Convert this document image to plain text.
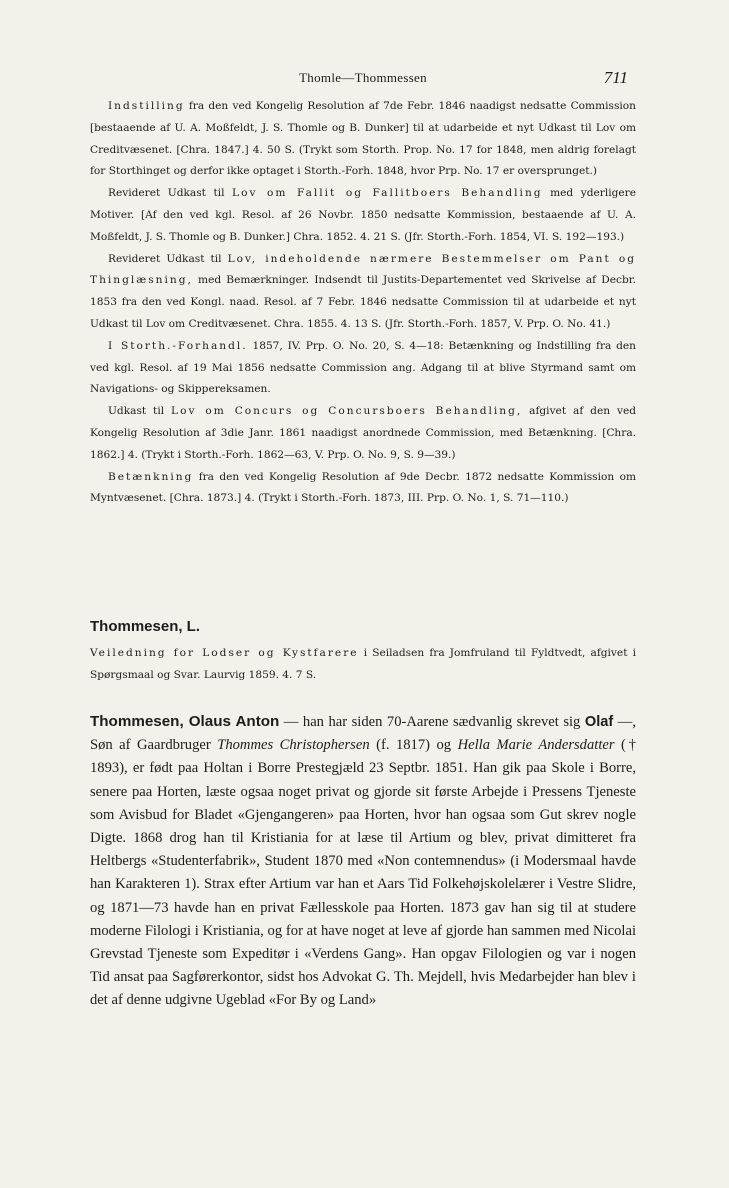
Thomle—Thommessen	711

Indstilling fra den ved Kongelig Resolution af 7de Febr. 1846 naadigst nedsatte Commission [bestaaende af U. A. Moßfeldt, J. S. Thomle og B. Dunker] til at udarbeide et nyt Udkast til Lov om Creditvæsenet. [Chra. 1847.] 4. 50 S. (Trykt som Storth. Prop. No. 17 for 1848, men aldrig forelagt for Storthinget og derfor ikke optaget i Storth.-Forh. 1848, hvor Prp. No. 17 er oversprunget.)

Revideret Udkast til Lov om Fallit og Fallitboers Behandling med yderligere Motiver. [Af den ved kgl. Resol. af 26 Novbr. 1850 nedsatte Kommission, bestaaende af U. A. Moßfeldt, J. S. Thomle og B. Dunker.] Chra. 1852. 4. 21 S. (Jfr. Storth.-Forh. 1854, VI. S. 192—193.)

Revideret Udkast til Lov, indeholdende nærmere Bestemmelser om Pant og Thinglæsning, med Bemærkninger. Indsendt til Justits-Departementet ved Skrivelse af Decbr. 1853 fra den ved Kongl. naad. Resol. af 7 Febr. 1846 nedsatte Commission til at udarbeide et nyt Udkast til Lov om Creditvæsenet. Chra. 1855. 4. 13 S. (Jfr. Storth.-Forh. 1857, V. Prp. O. No. 41.)

I Storth.-Forhandl. 1857, IV. Prp. O. No. 20, S. 4—18: Betænkning og Indstilling fra den ved kgl. Resol. af 19 Mai 1856 nedsatte Commission ang. Adgang til at blive Styrmand samt om Navigations- og Skippereksamen.

Udkast til Lov om Concurs og Concursboers Behandling, afgivet af den ved Kongelig Resolution af 3die Janr. 1861 naadigst anordnede Commission, med Betænkning. [Chra. 1862.] 4. (Trykt i Storth.-Forh. 1862—63, V. Prp. O. No. 9, S. 9—39.)

Betænkning fra den ved Kongelig Resolution af 9de Decbr. 1872 nedsatte Kommission om Myntvæsenet. [Chra. 1873.] 4. (Trykt i Storth.-Forh. 1873, III. Prp. O. No. 1, S. 71—110.)

Thommesen, L.

Veiledning for Lodser og Kystfarere i Seiladsen fra Jomfruland til Fyldtvedt, afgivet i Spørgsmaal og Svar. Laurvig 1859. 4. 7 S.

Thommesen, Olaus Anton — han har siden 70-Aarene sædvanlig skrevet sig Olaf —, Søn af Gaardbruger Thommes Christophersen (f. 1817) og Hella Marie Andersdatter († 1893), er født paa Holtan i Borre Prestegjæld 23 Septbr. 1851. Han gik paa Skole i Borre, senere paa Horten, læste ogsaa noget privat og gjorde sit første Arbejde i Pressens Tjeneste som Avisbud for Bladet «Gjengangeren» paa Horten, hvor han ogsaa som Gut skrev nogle Digte. 1868 drog han til Kristiania for at læse til Artium og blev, privat dimitteret fra Heltbergs «Studenterfabrik», Student 1870 med «Non contemnendus» (i Modersmaal havde han Karakteren 1). Strax efter Artium var han et Aars Tid Folkehøjskolelærer i Vestre Slidre, og 1871—73 havde han en privat Fællesskole paa Horten. 1873 gav han sig til at studere moderne Filologi i Kristiania, og for at have noget at leve af gjorde han sammen med Nicolai Grevstad Tjeneste som Expeditør i «Verdens Gang». Han opgav Filologien og var i nogen Tid ansat paa Sagførerkontor, sidst hos Advokat G. Th. Mejdell, hvis Medarbejder han blev i det af denne udgivne Ugeblad «For By og Land»
